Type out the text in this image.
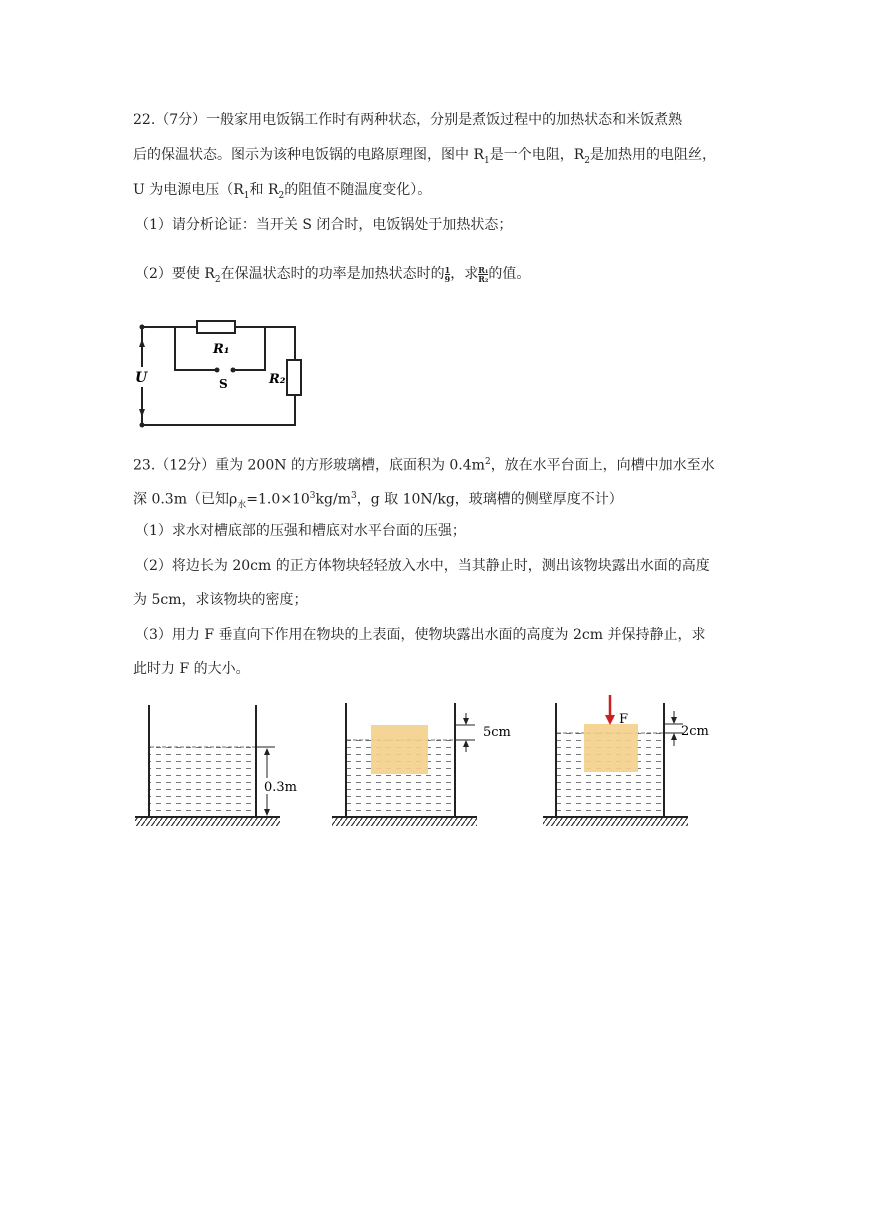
22.（7分）一般家用电饭锅工作时有两种状态，分别是煮饭过程中的加热状态和米饭煮熟
后的保温状态。图示为该种电饭锅的电路原理图，图中 $R_1$是一个电阻，$R_2$是加热用的电阻丝，
U 为电源电压（$R_1$和 $R_2$的阻值不随温度变化）。
（1）请分析论证：当开关 S 闭合时，电饭锅处于加热状态；
（2）要使 $R_2$在保温状态时的功率是加热状态时的 $\frac{1}{9}$ ，求 $\frac{\text{R₁}}{\text{R₂}}$ 的值。
U
R₁
S	R₂
23.（12分）重为 200N 的方形玻璃槽，底面积为 $0.4m^2$，放在水平台面上，向槽中加水至水
深 0.3m（已知$\rho_水=1.0\times 10^3kg/m^3$，g 取 10N/kg，玻璃槽的侧壁厚度不计）
（1）求水对槽底部的压强和槽底对水平台面的压强；
（2）将边长为 20cm 的正方体物块轻轻放入水中，当其静止时，测出该物块露出水面的高度
为 5cm，求该物块的密度；
（3）用力 F 垂直向下作用在物块的上表面，使物块露出水面的高度为 2cm 并保持静止，求
此时力 F 的大小。
0.3m
5cm
F
2cm
